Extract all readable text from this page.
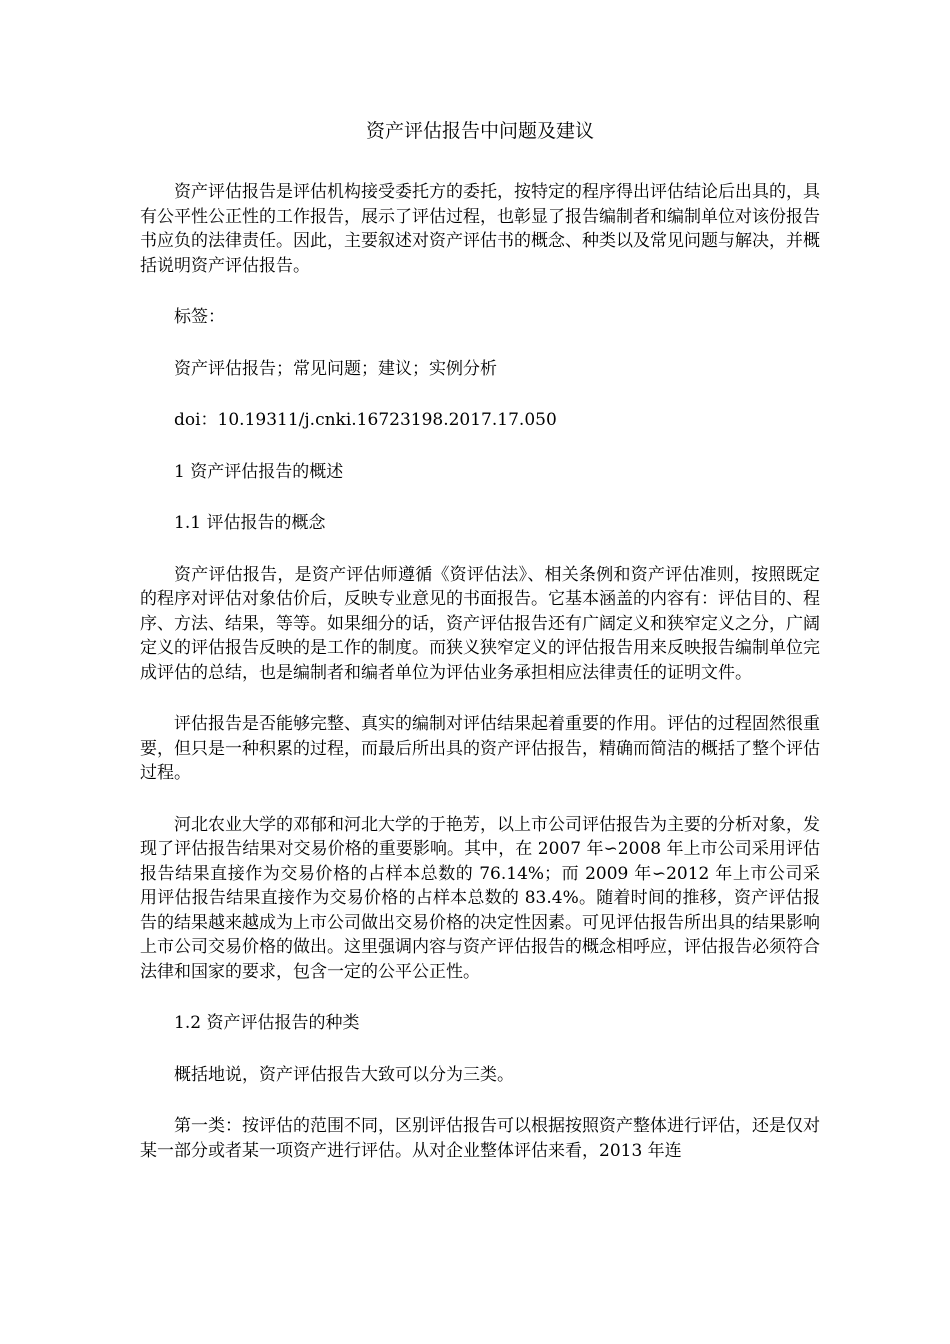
资产评估报告中问题及建议

资产评估报告是评估机构接受委托方的委托，按特定的程序得出评估结论后出具的，具有公平性公正性的工作报告，展示了评估过程，也彰显了报告编制者和编制单位对该份报告书应负的法律责任。因此，主要叙述对资产评估书的概念、种类以及常见问题与解决，并概括说明资产评估报告。

标签：

资产评估报告；常见问题；建议；实例分析

doi：10.19311/j.cnki.16723198.2017.17.050

1 资产评估报告的概述

1.1 评估报告的概念

资产评估报告，是资产评估师遵循《资评估法》、相关条例和资产评估准则，按照既定的程序对评估对象估价后，反映专业意见的书面报告。它基本涵盖的内容有：评估目的、程序、方法、结果，等等。如果细分的话，资产评估报告还有广阔定义和狭窄定义之分，广阔定义的评估报告反映的是工作的制度。而狭义狭窄定义的评估报告用来反映报告编制单位完成评估的总结，也是编制者和编者单位为评估业务承担相应法律责任的证明文件。

评估报告是否能够完整、真实的编制对评估结果起着重要的作用。评估的过程固然很重要，但只是一种积累的过程，而最后所出具的资产评估报告，精确而简洁的概括了整个评估过程。

河北农业大学的邓郁和河北大学的于艳芳，以上市公司评估报告为主要的分析对象，发现了评估报告结果对交易价格的重要影响。其中，在 2007 年∽2008 年上市公司采用评估报告结果直接作为交易价格的占样本总数的 76.14%；而 2009 年∽2012 年上市公司采用评估报告结果直接作为交易价格的占样本总数的 83.4%。随着时间的推移，资产评估报告的结果越来越成为上市公司做出交易价格的决定性因素。可见评估报告所出具的结果影响上市公司交易价格的做出。这里强调内容与资产评估报告的概念相呼应，评估报告必须符合法律和国家的要求，包含一定的公平公正性。

1.2 资产评估报告的种类

概括地说，资产评估报告大致可以分为三类。

第一类：按评估的范围不同，区别评估报告可以根据按照资产整体进行评估，还是仅对某一部分或者某一项资产进行评估。从对企业整体评估来看，2013 年连
